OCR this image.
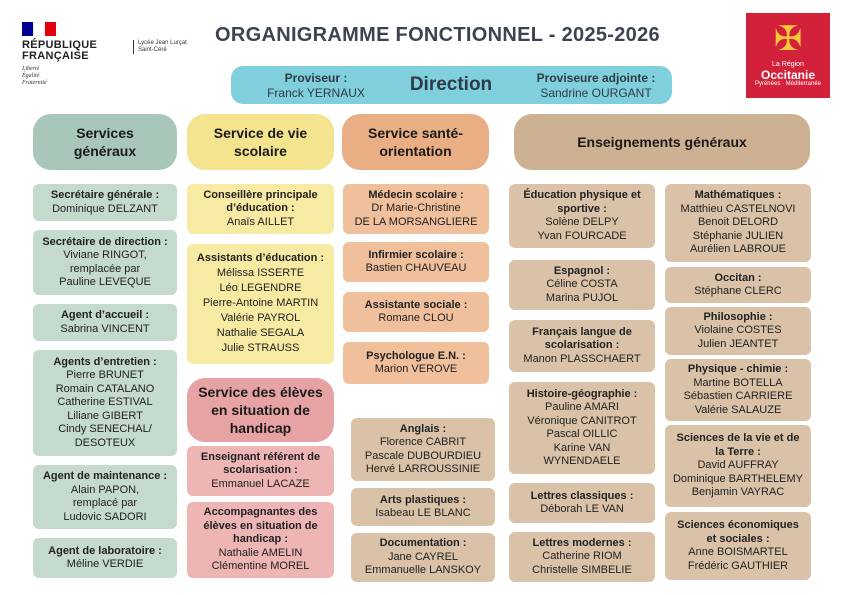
RÉPUBLIQUE
FRANÇAISE
Liberté
Égalité
Fraternité
Lycée Jean Lurçat
Saint-Céré
ORGANIGRAMME FONCTIONNEL - 2025-2026	✠
La Région
Occitanie
Pyrénées · Méditerranée
Proviseur :
Franck YERNAUX	Direction	Proviseure adjointe :
Sandrine OURGANT
Services
généraux
Service de vie
scolaire
Service santé-
orientation
Enseignements généraux
Service des élèves
en situation de
handicap
Secrétaire générale :
Dominique DELZANT
Secrétaire de direction :
Viviane RINGOT,
remplacée par
Pauline LEVEQUE
Agent d’accueil :
Sabrina VINCENT
Agents d’entretien :
Pierre BRUNET
Romain CATALANO
Catherine ESTIVAL
Liliane GIBERT
Cindy SENECHAL/
DESOTEUX
Agent de maintenance :
Alain PAPON,
remplacé par
Ludovic SADORI
Agent de laboratoire :
Méline VERDIE
Conseillère principale
d’éducation :
Anaïs AILLET
Assistants d’éducation :
Mélissa ISSERTE
Léo LEGENDRE
Pierre-Antoine MARTIN
Valérie PAYROL
Nathalie SEGALA
Julie STRAUSS
Enseignant référent de
scolarisation :
Emmanuel LACAZE
Accompagnantes des
élèves en situation de
handicap :
Nathalie AMELIN
Clémentine MOREL
Médecin scolaire :
Dr Marie-Christine
DE LA MORSANGLIERE
Infirmier scolaire :
Bastien CHAUVEAU
Assistante sociale :
Romane CLOU
Psychologue E.N. :
Marion VEROVE
Anglais :
Florence CABRIT
Pascale DUBOURDIEU
Hervé LARROUSSINIE
Arts plastiques :
Isabeau LE BLANC
Documentation :
Jane CAYREL
Emmanuelle LANSKOY
Éducation physique et
sportive :
Solène DELPY
Yvan FOURCADE
Espagnol :
Céline COSTA
Marina PUJOL
Français langue de
scolarisation :
Manon PLASSCHAERT
Histoire-géographie :
Pauline AMARI
Véronique CANITROT
Pascal OILLIC
Karine VAN
WYNENDAELE
Lettres classiques :
Déborah LE VAN
Lettres modernes :
Catherine RIOM
Christelle SIMBELIE
Mathématiques :
Matthieu CASTELNOVI
Benoit DELORD
Stéphanie JULIEN
Aurélien LABROUE
Occitan :
Stéphane CLERC
Philosophie :
Violaine COSTES
Julien JEANTET
Physique - chimie :
Martine BOTELLA
Sébastien CARRIERE
Valérie SALAUZE
Sciences de la vie et de
la Terre :
David AUFFRAY
Dominique BARTHELEMY
Benjamin VAYRAC
Sciences économiques
et sociales :
Anne BOISMARTEL
Frédéric GAUTHIER
